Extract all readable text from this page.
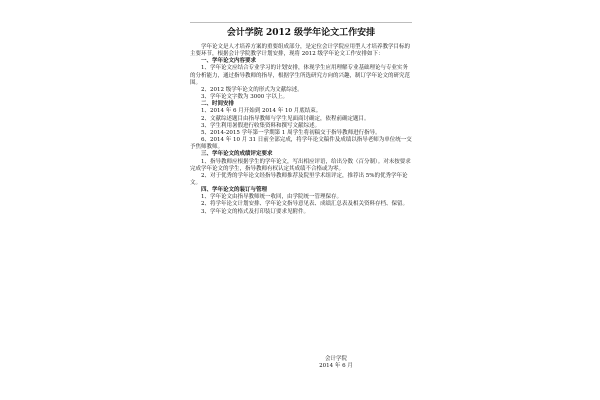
会计学院 2012 级学年论文工作安排

学年论文是人才培养方案的重要组成部分，是定位会计学院应用型人才培养教学目标的主要环节，根据会计学院教学计划安排，现将 2012 级学年论文工作安排如下：

一、学年论文内容要求

1、学年论文应结合专业学习的计划安排，体现学生应用理解专业基础理论与专业实务的分析能力，通过指导教师的指导，根据学生所选研究方向的兴趣，制订学年论文的研究范围。

2、2012 级学年论文的形式为文献综述。

3、学年论文字数为 3000 字以上。

二、时间安排

1、2014 年 6 月开始到 2014 年 10 月底结束。

2、文献综述题目由指导教师与学生见面商讨确定，依程前确定题目。

3、学生利用暑假进行收集资料和撰写文献综述。

5、2014-2015 学年第一学期第 1 周学生将初稿交于指导教师进行指导。

6、2014 年 10 月 31 日前全部完成，将学年论文稿件及成绩以指导老师为单位统一交予焦师教师。

三、学年论文的成绩评定要求

1、指导教师应根据学生的学年论文，写出相应评语，给出分数（百分制）。对未按要求完成学年论文的学生，指导教师有权认定其成绩不合格或为零。

2、对于优秀的学年论文经指导教师推荐及院里学术组评定，推荐出 5%的优秀学年论文。

四、学年论文的装订与管理

1、学年论文由指导教师统一收回，由学院统一管理保存。

2、将学年论文计划安排、学年论文指导意见表、成绩汇总表及相关资料存档、保留。

3、学年论文的格式及打印装订要求见附件。

会计学院
2014 年 6 月
